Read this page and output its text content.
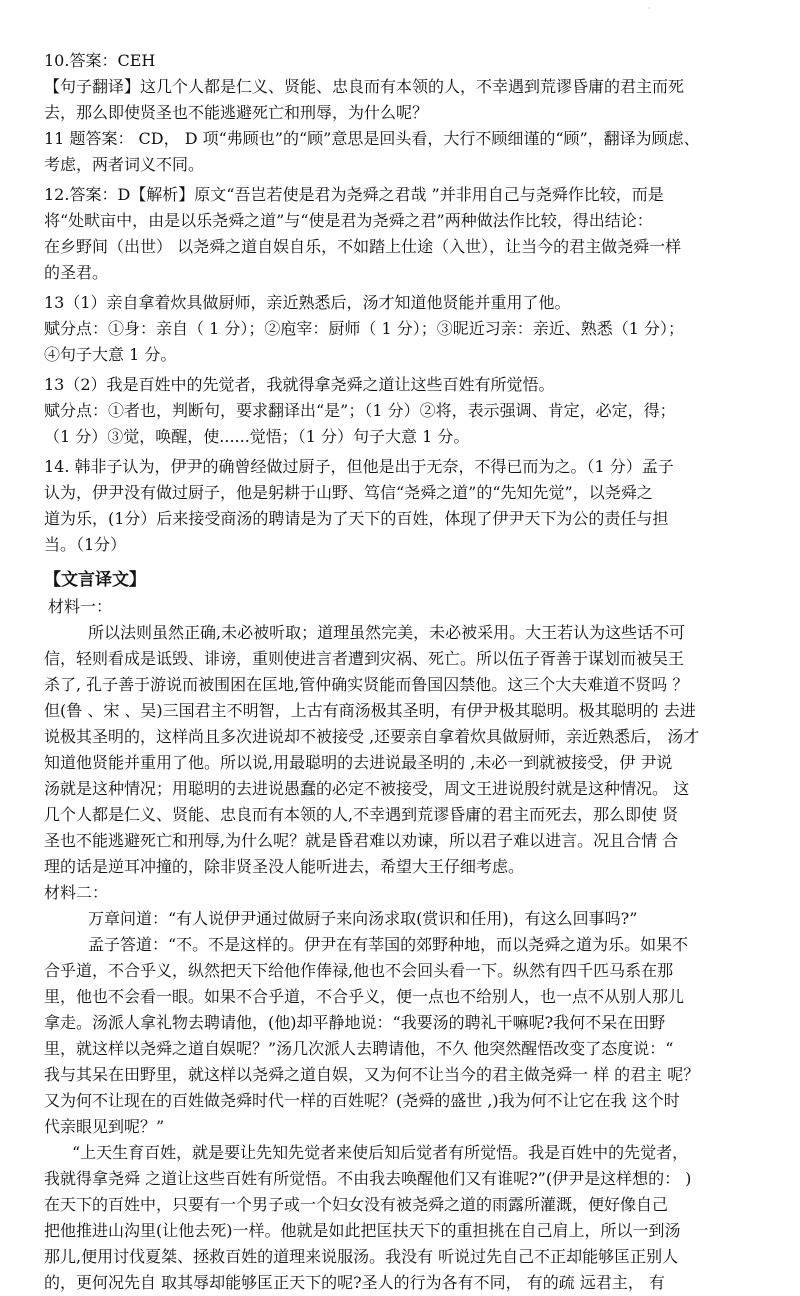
·
10.答案：CEH
【句子翻译】这几个人都是仁义、贤能、忠良而有本领的人，不幸遇到荒谬昏庸的君主而死
去，那么即使贤圣也不能逃避死亡和刑辱，为什么呢？
11 题答案： CD， D 项“弗顾也”的“顾”意思是回头看，大行不顾细谨的“顾”，翻译为顾虑、
考虑，两者词义不同。
12.答案：D【解析】原文“吾岂若使是君为尧舜之君哉 ”并非用自己与尧舜作比较，而是
将“处畎亩中，由是以乐尧舜之道”与“使是君为尧舜之君”两种做法作比较，得出结论：
在乡野间（出世） 以尧舜之道自娱自乐，不如踏上仕途（入世），让当今的君主做尧舜一样
的圣君。
13（1）亲自拿着炊具做厨师，亲近熟悉后，汤才知道他贤能并重用了他。
赋分点：①身：亲自（ 1 分）；②庖宰：厨师（ 1 分）；③昵近习亲：亲近、熟悉（1 分）；
④句子大意 1 分。
13（2）我是百姓中的先觉者，我就得拿尧舜之道让这些百姓有所觉悟。
赋分点：①者也，判断句，要求翻译出“是”；（1 分）②将，表示强调、肯定，必定，得；
（1 分）③觉，唤醒，使......觉悟；（1 分）句子大意 1 分。
14. 韩非子认为，伊尹的确曾经做过厨子，但他是出于无奈，不得已而为之。（1 分）孟子
认为，伊尹没有做过厨子，他是躬耕于山野、笃信“尧舜之道”的“先知先觉”，以尧舜之
道为乐，(1分）后来接受商汤的聘请是为了天下的百姓，体现了伊尹天下为公的责任与担
当。（1分）
【文言译文】
材料一：
所以法则虽然正确,未必被听取；道理虽然完美，未必被采用。大王若认为这些话不可
信，轻则看成是诋毁、诽谤，重则使进言者遭到灾祸、死亡。所以伍子胥善于谋划而被吴王
杀了, 孔子善于游说而被围困在匡地,管仲确实贤能而鲁国囚禁他。这三个大夫难道不贤吗 ？
但(鲁 、宋 、吴)三国君主不明智，上古有商汤极其圣明，有伊尹极其聪明。极其聪明的 去进
说极其圣明的，这样尚且多次进说却不被接受 ,还要亲自拿着炊具做厨师，亲近熟悉后， 汤才
知道他贤能并重用了他。所以说,用最聪明的去进说最圣明的 ,未必一到就被接受，伊 尹说
汤就是这种情况；用聪明的去进说愚蠢的必定不被接受，周文王进说殷纣就是这种情况。 这
几个人都是仁义、贤能、忠良而有本领的人,不幸遇到荒谬昏庸的君主而死去，那么即使 贤
圣也不能逃避死亡和刑辱,为什么呢？就是昏君难以劝谏，所以君子难以进言。况且合情 合
理的话是逆耳冲撞的，除非贤圣没人能听进去，希望大王仔细考虑。
材料二：
万章问道：“有人说伊尹通过做厨子来向汤求取(赏识和任用)，有这么回事吗?”
孟子答道：“不。不是这样的。伊尹在有莘国的郊野种地，而以尧舜之道为乐。如果不
合乎道，不合乎义，纵然把天下给他作俸禄,他也不会回头看一下。纵然有四千匹马系在那
里，他也不会看一眼。如果不合乎道，不合乎义，便一点也不给别人，也一点不从别人那儿
拿走。汤派人拿礼物去聘请他，(他)却平静地说：“我要汤的聘礼干嘛呢?我何不呆在田野
里，就这样以尧舜之道自娱呢？”汤几次派人去聘请他，不久 他突然醒悟改变了态度说：“
我与其呆在田野里，就这样以尧舜之道自娱，又为何不让当今的君主做尧舜一 样 的君主 呢？
又为何不让现在的百姓做尧舜时代一样的百姓呢？(尧舜的盛世 ,)我为何不让它在我 这个时
代亲眼见到呢？”
“上天生育百姓，就是要让先知先觉者来使后知后觉者有所觉悟。我是百姓中的先觉者，
我就得拿尧舜 之道让这些百姓有所觉悟。不由我去唤醒他们又有谁呢?”(伊尹是这样想的： )
在天下的百姓中，只要有一个男子或一个妇女没有被尧舜之道的雨露所灌溉，便好像自己
把他推进山沟里(让他去死)一样。他就是如此把匡扶天下的重担挑在自己肩上，所以一到汤
那儿,便用讨伐夏桀、拯救百姓的道理来说服汤。我没有 听说过先自己不正却能够匡正别人
的，更何况先自 取其辱却能够匡正天下的呢?圣人的行为各有不同， 有的疏 远君主， 有
